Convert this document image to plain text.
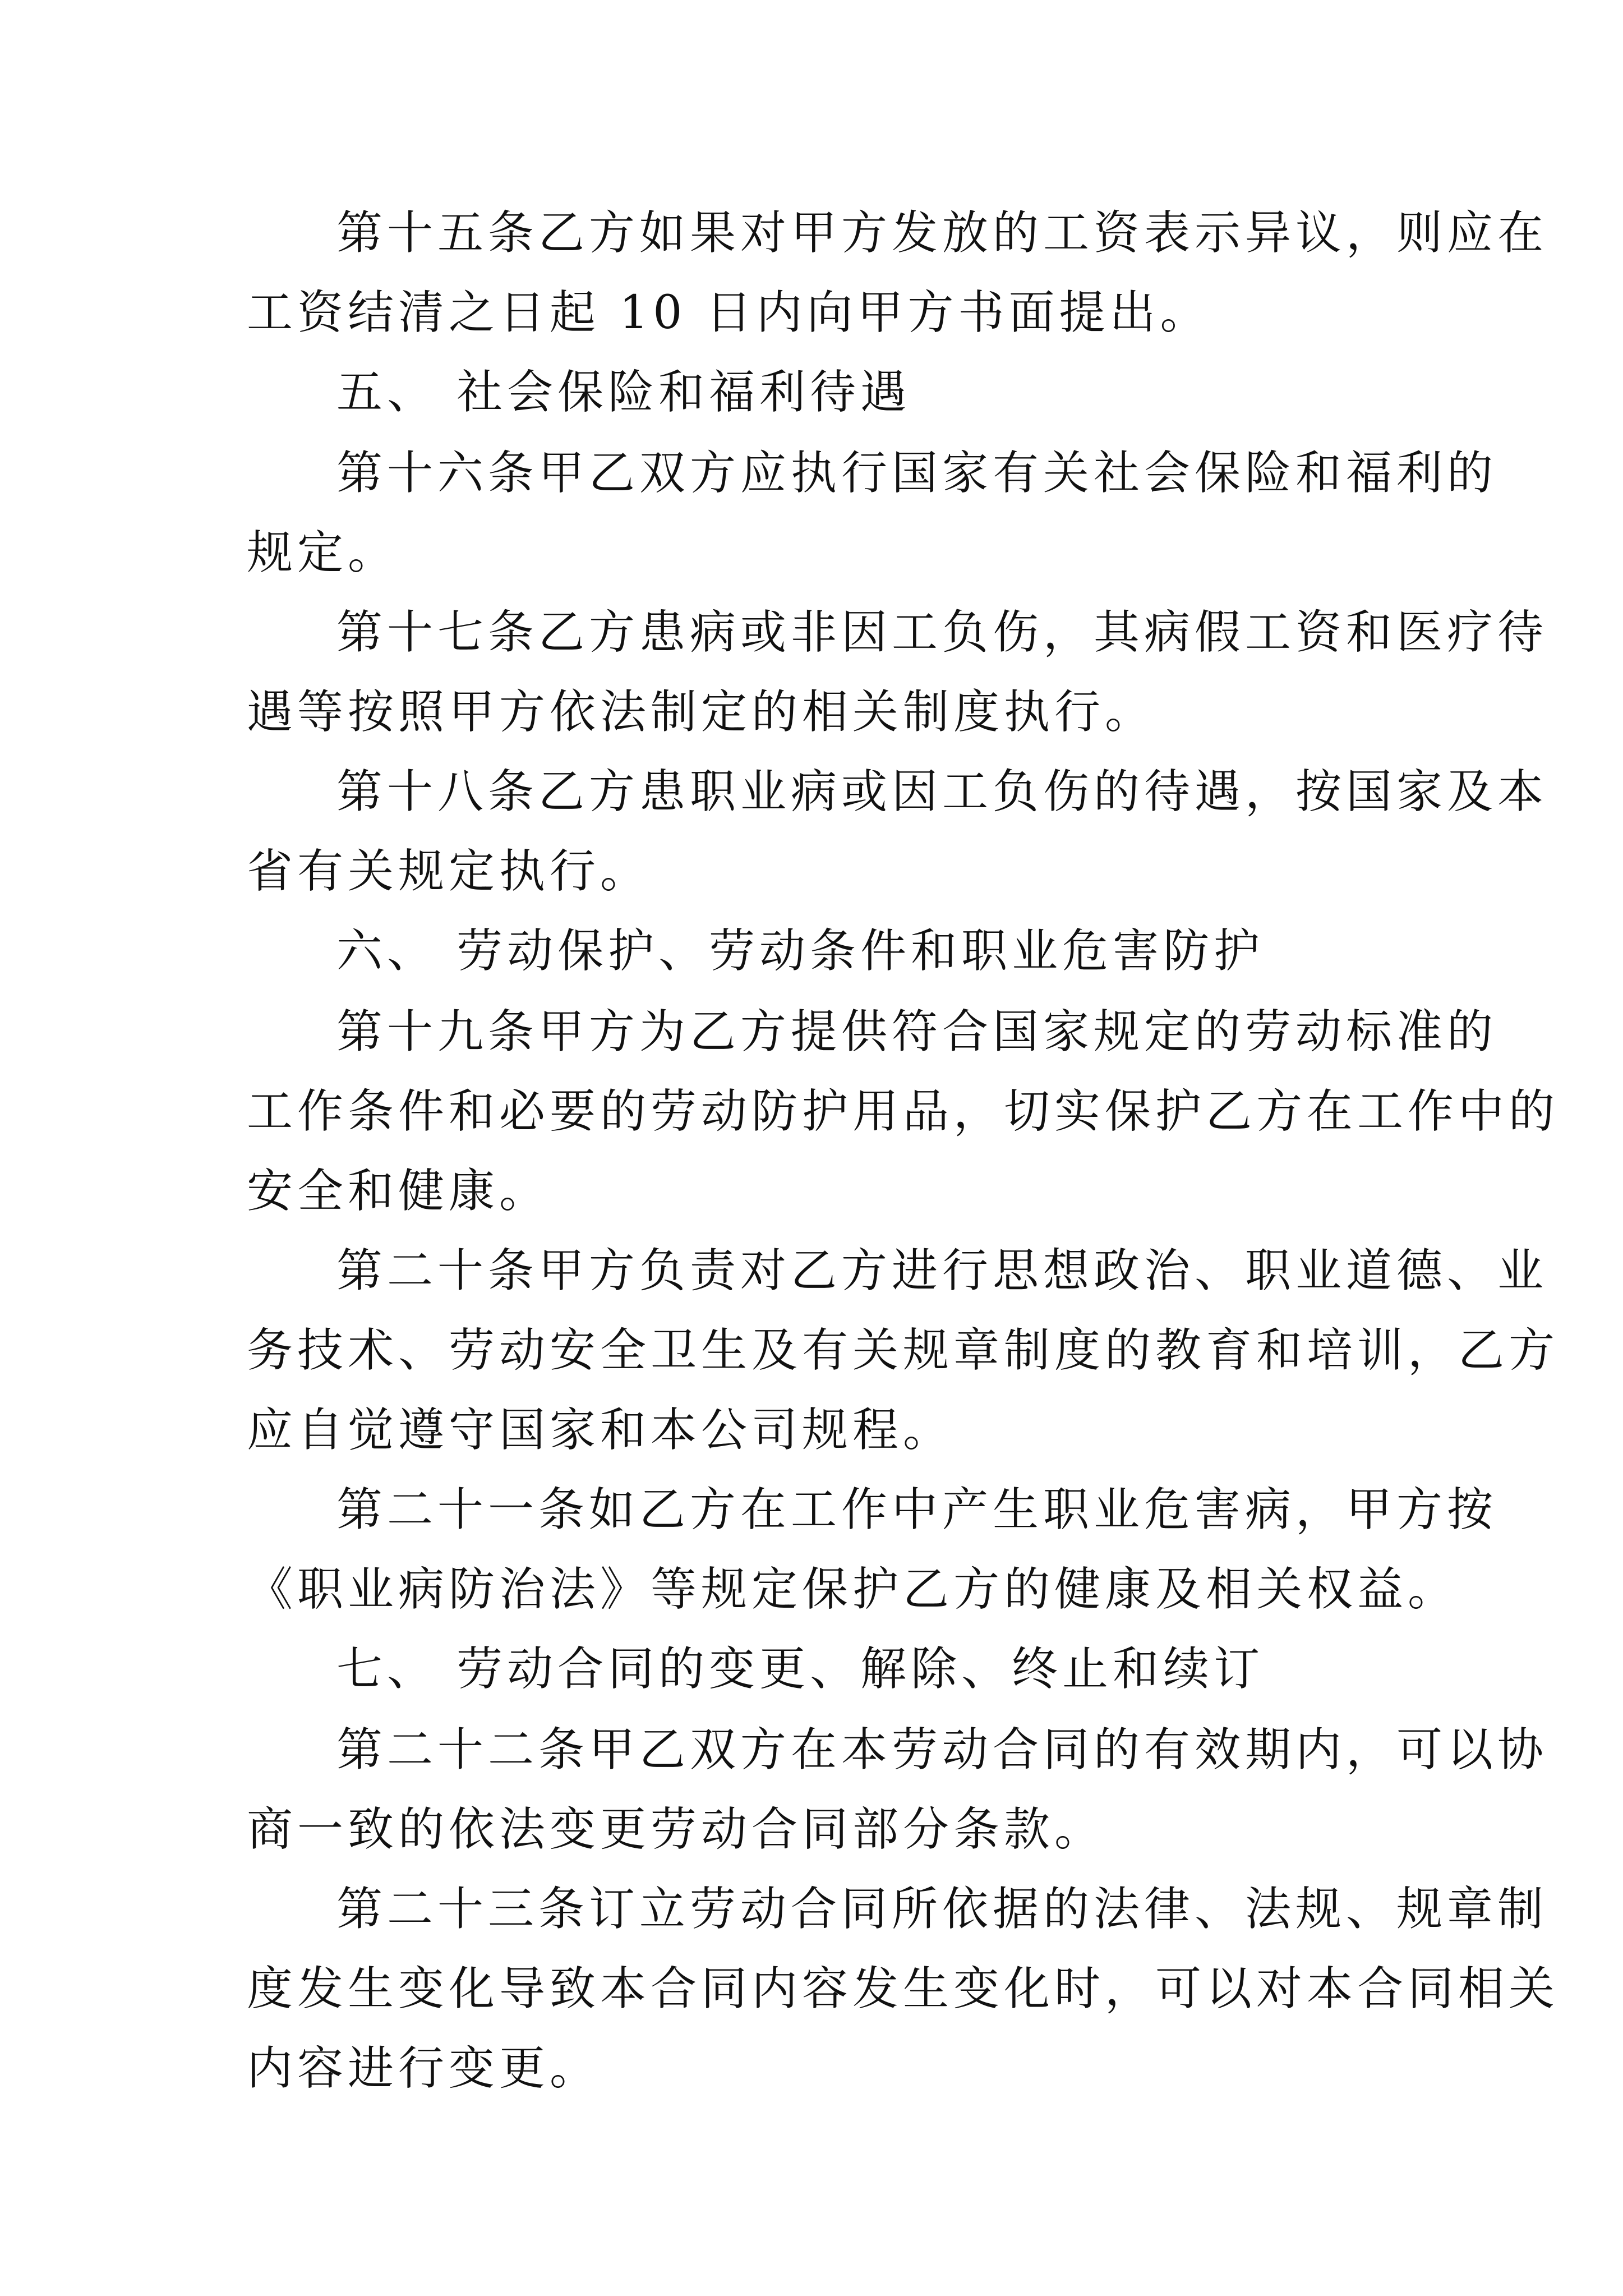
第十五条乙方如果对甲方发放的工资表示异议，则应在
工资结清之日起 10 日内向甲方书面提出。
五、 社会保险和福利待遇
第十六条甲乙双方应执行国家有关社会保险和福利的
规定。
第十七条乙方患病或非因工负伤，其病假工资和医疗待
遇等按照甲方依法制定的相关制度执行。
第十八条乙方患职业病或因工负伤的待遇，按国家及本
省有关规定执行。
六、 劳动保护、劳动条件和职业危害防护
第十九条甲方为乙方提供符合国家规定的劳动标准的
工作条件和必要的劳动防护用品，切实保护乙方在工作中的
安全和健康。
第二十条甲方负责对乙方进行思想政治、职业道德、业
务技术、劳动安全卫生及有关规章制度的教育和培训，乙方
应自觉遵守国家和本公司规程。
第二十一条如乙方在工作中产生职业危害病，甲方按
《职业病防治法》等规定保护乙方的健康及相关权益。
七、 劳动合同的变更、解除、终止和续订
第二十二条甲乙双方在本劳动合同的有效期内，可以协
商一致的依法变更劳动合同部分条款。
第二十三条订立劳动合同所依据的法律、法规、规章制
度发生变化导致本合同内容发生变化时，可以对本合同相关
内容进行变更。
